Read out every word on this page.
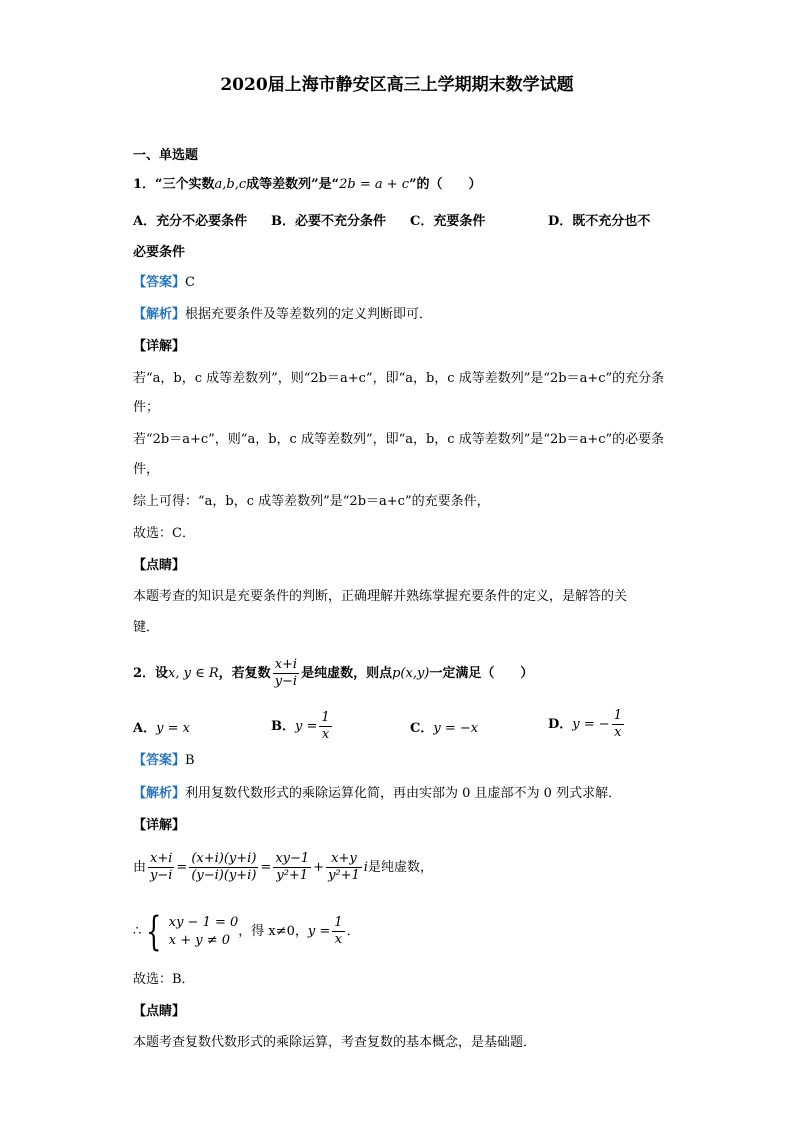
2020届上海市静安区高三上学期期末数学试题
一、单选题
1．“三个实数a,b,c成等差数列”是“2b = a + c”的（　　）
A．充分不必要条件 B．必要不充分条件 C．充要条件	D．既不充分也不
必要条件
【答案】C
【解析】根据充要条件及等差数列的定义判断即可．
【详解】
若“a，b，c 成等差数列”，则“2b＝a+c”，即“a，b，c 成等差数列”是“2b＝a+c”的充分条
件；
若“2b＝a+c”，则“a，b，c 成等差数列”，即“a，b，c 成等差数列”是“2b＝a+c”的必要条
件，
综上可得：“a，b，c 成等差数列”是“2b＝a+c”的充要条件，
故选：C．
【点睛】
本题考查的知识是充要条件的判断，正确理解并熟练掌握充要条件的定义，是解答的关
键．
2．设x, y ∈ R，若复数 $\frac{x+i}{y-i}$ 是纯虚数，则点p(x,y)一定满足（　　）
A．y = x	B．$y = \frac{1}{x}$	C．y = −x	D．y = − $\frac{1}{x}$
【答案】B
【解析】利用复数代数形式的乘除运算化简，再由实部为 0 且虚部不为 0 列式求解．
【详解】
由 $\frac{x+i}{y-i} = \frac{(x+i)(y+i)}{(y-i)(y+i)} = \frac{xy-1}{\text{y²+1}} + \frac{x+y}{\text{y²+1}}$ i是纯虚数，
∴ { xy − 1 = 0
x + y ≠ 0
，得 x≠0，$y = \frac{1}{x}$ ．
故选：B．
【点睛】
本题考查复数代数形式的乘除运算，考查复数的基本概念，是基础题．
